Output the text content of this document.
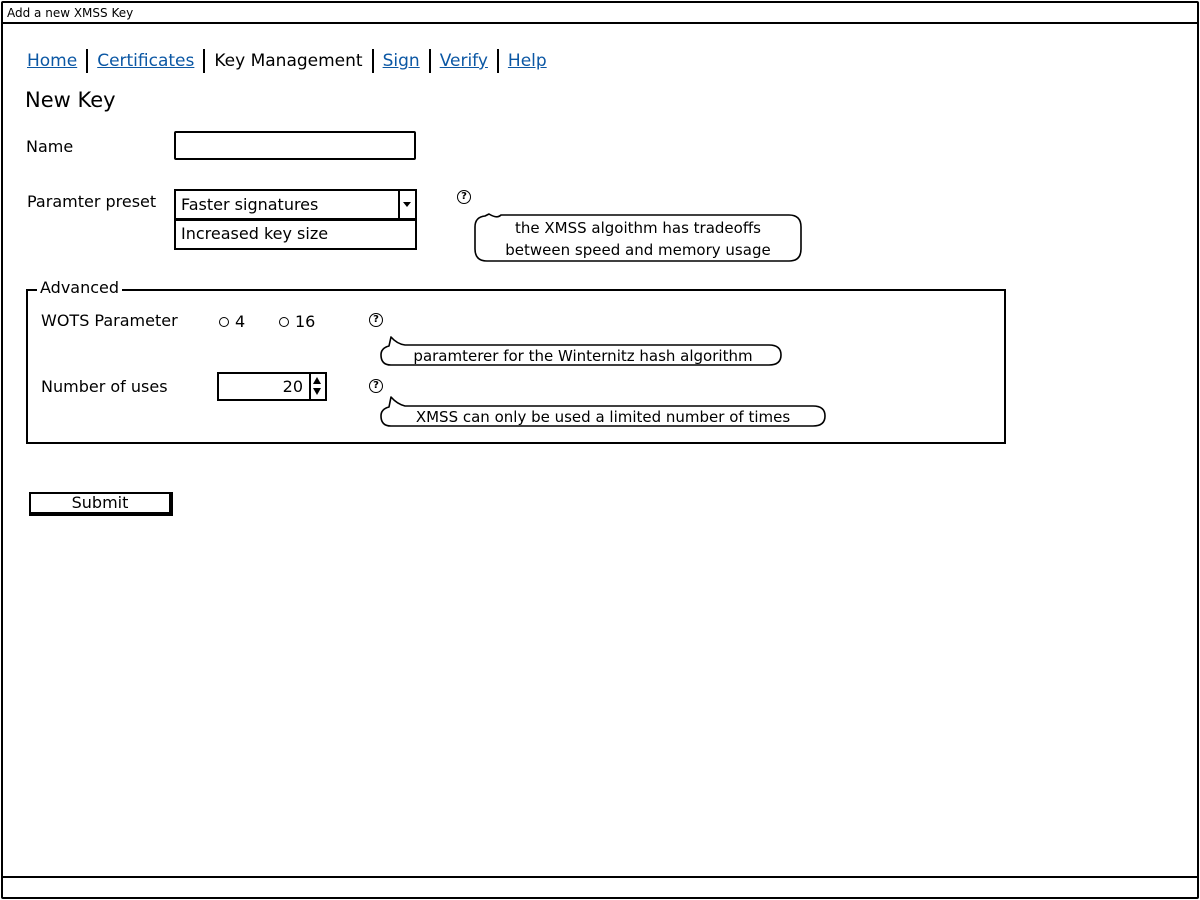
Add a new XMSS Key
Home Certificates Key Management Sign Verify Help
New Key
Name
Paramter preset Faster signatures
Increased key size
?
the XMSS algoithm has tradeoffs
between speed and memory usage
Advanced
WOTS Parameter	4	16	?
paramterer for the Winternitz hash algorithm
Number of uses	20	?
XMSS can only be used a limited number of times
Submit
